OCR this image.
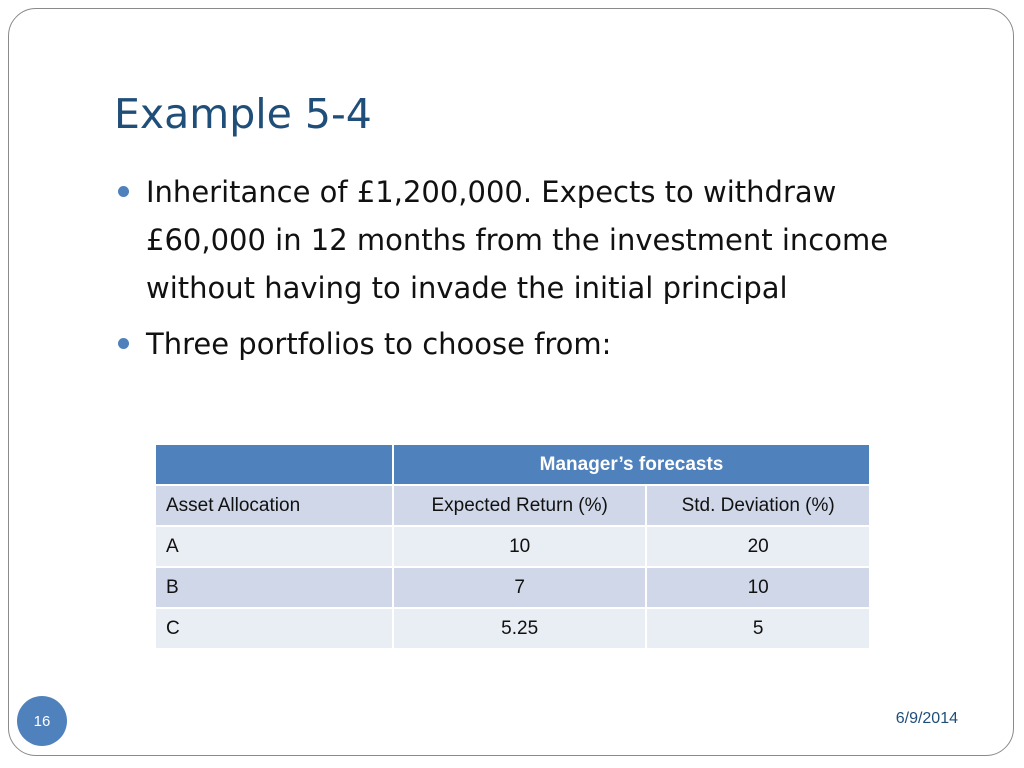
Example 5-4
Inheritance of £1,200,000. Expects to withdraw £60,000 in 12 months from the investment income without having to invade the initial principal
Three portfolios to choose from:
	Manager’s forecasts	
Asset Allocation	Expected Return (%)	Std. Deviation (%)
A	10	20
B	7	10
C	5.25	5
16	6/9/2014
